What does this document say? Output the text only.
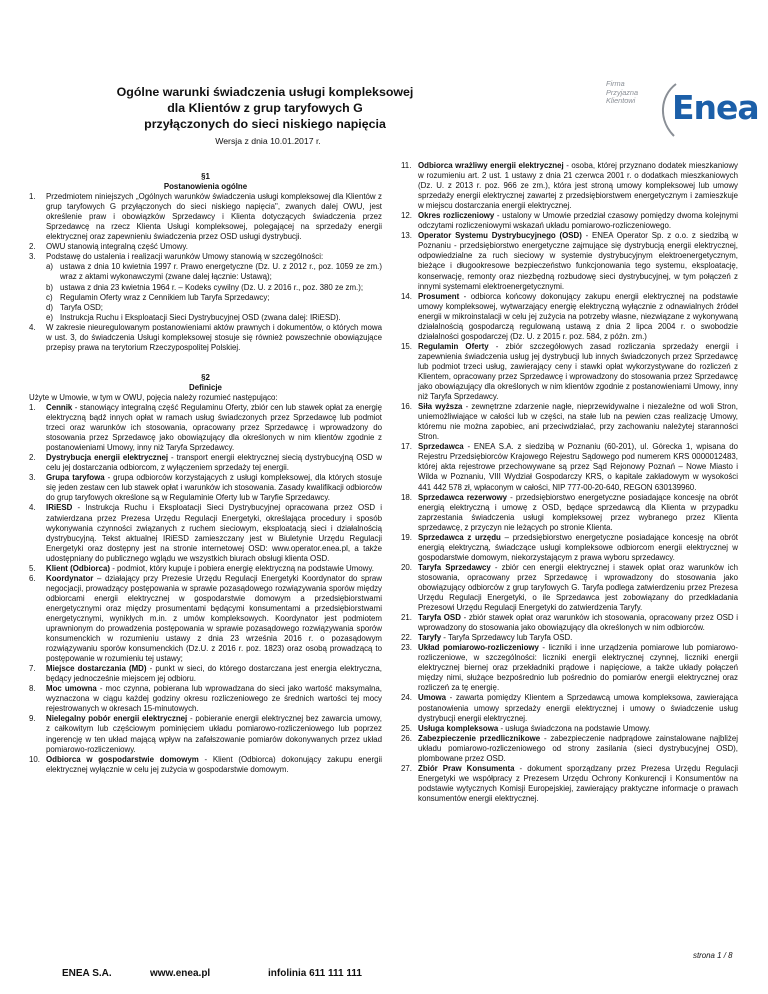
Ogólne warunki świadczenia usługi kompleksowej
dla Klientów z grup taryfowych G
przyłączonych do sieci niskiego napięcia
Firma
Przyjazna
Klientowi	Enea
Wersja z dnia 10.01.2017 r.
§1
Postanowienia ogólne
1.	Przedmiotem niniejszych „Ogólnych warunków świadczenia usługi kompleksowej dla Klientów z grup taryfowych G przyłączonych do sieci niskiego napięcia", zwanych dalej OWU, jest określenie praw i obowiązków Sprzedawcy i Klienta dotyczących świadczenia przez Sprzedawcę na rzecz Klienta Usługi kompleksowej, polegającej na sprzedaży energii elektrycznej oraz zapewnieniu świadczenia przez OSD usługi dystrybucji.
2.	OWU stanowią integralną część Umowy.
3.	Podstawę do ustalenia i realizacji warunków Umowy stanowią w szczególności:
a) ustawa z dnia 10 kwietnia 1997 r. Prawo energetyczne (Dz. U. z 2012 r., poz. 1059 ze zm.) wraz z aktami wykonawczymi (zwane dalej łącznie: Ustawą);
b) ustawa z dnia 23 kwietnia 1964 r. – Kodeks cywilny (Dz. U. z 2016 r., poz. 380 ze zm.);
c) Regulamin Oferty wraz z Cennikiem lub Taryfa Sprzedawcy;
d) Taryfa OSD;
e) Instrukcja Ruchu i Eksploatacji Sieci Dystrybucyjnej OSD (zwana dalej: IRiESD).
4.	W zakresie nieuregulowanym postanowieniami aktów prawnych i dokumentów, o których mowa w ust. 3, do świadczenia Usługi kompleksowej stosuje się również powszechnie obowiązujące przepisy prawa na terytorium Rzeczypospolitej Polskiej.
§2
Definicje

Użyte w Umowie, w tym w OWU, pojęcia należy rozumieć następująco:

1.	Cennik - stanowiący integralną część Regulaminu Oferty, zbiór cen lub stawek opłat za energię elektryczną bądź innych opłat w ramach usług świadczonych przez Sprzedawcę lub podmiot trzeci oraz warunków ich stosowania, opracowany przez Sprzedawcę i wprowadzony do stosowania przez Sprzedawcę jako obowiązujący dla określonych w nim klientów zgodnie z postanowieniami Umowy, inny niż Taryfa Sprzedawcy.
2.	Dystrybucja energii elektrycznej - transport energii elektrycznej siecią dystrybucyjną OSD w celu jej dostarczania odbiorcom, z wyłączeniem sprzedaży tej energii.
3.	Grupa taryfowa - grupa odbiorców korzystających z usługi kompleksowej, dla których stosuje się jeden zestaw cen lub stawek opłat i warunków ich stosowania. Zasady kwalifikacji odbiorców do grup taryfowych określone są w Regulaminie Oferty lub w Taryfie Sprzedawcy.
4.	IRiESD - Instrukcja Ruchu i Eksploatacji Sieci Dystrybucyjnej opracowana przez OSD i zatwierdzana przez Prezesa Urzędu Regulacji Energetyki, określająca procedury i sposób wykonywania czynności związanych z ruchem sieciowym, eksploatacją sieci i działalnością dystrybucyjną. Tekst aktualnej IRiESD zamieszczany jest w Biuletynie Urzędu Regulacji Energetyki oraz dostępny jest na stronie internetowej OSD: www.operator.enea.pl, a także udostępniany do publicznego wglądu we wszystkich biurach obsługi klienta OSD.
5.	Klient (Odbiorca) - podmiot, który kupuje i pobiera energię elektryczną na podstawie Umowy.
6.	Koordynator – działający przy Prezesie Urzędu Regulacji Energetyki Koordynator do spraw negocjacji, prowadzący postępowania w sprawie pozasądowego rozwiązywania sporów między odbiorcami energii elektrycznej w gospodarstwie domowym a przedsiębiorstwami energetycznymi oraz między prosumentami będącymi konsumentami a przedsiębiorstwami energetycznymi, wynikłych m.in. z umów kompleksowych. Koordynator jest podmiotem uprawnionym do prowadzenia postępowania w sprawie pozasądowego rozwiązywania sporów konsumenckich w rozumieniu ustawy z dnia 23 września 2016 r. o pozasądowym rozwiązywaniu sporów konsumenckich (Dz.U. z 2016 r. poz. 1823) oraz osobą prowadzącą to postępowanie w rozumieniu tej ustawy;
7.	Miejsce dostarczania (MD) - punkt w sieci, do którego dostarczana jest energia elektryczna, będący jednocześnie miejscem jej odbioru.
8.	Moc umowna - moc czynna, pobierana lub wprowadzana do sieci jako wartość maksymalna, wyznaczona w ciągu każdej godziny okresu rozliczeniowego ze średnich wartości tej mocy rejestrowanych w okresach 15-minutowych.
9.	Nielegalny pobór energii elektrycznej - pobieranie energii elektrycznej bez zawarcia umowy, z całkowitym lub częściowym pominięciem układu pomiarowo-rozliczeniowego lub poprzez ingerencję w ten układ mającą wpływ na zafałszowanie pomiarów dokonywanych przez układ pomiarowo-rozliczeniowy.
10. Odbiorca w gospodarstwie domowym - Klient (Odbiorca) dokonujący zakupu energii elektrycznej wyłącznie w celu jej zużycia w gospodarstwie domowym.
11. Odbiorca wrażliwy energii elektrycznej - osoba, której przyznano dodatek mieszkaniowy w rozumieniu art. 2 ust. 1 ustawy z dnia 21 czerwca 2001 r. o dodatkach mieszkaniowych (Dz. U. z 2013 r. poz. 966 ze zm.), która jest stroną umowy kompleksowej lub umowy sprzedaży energii elektrycznej zawartej z przedsiębiorstwem energetycznym i zamieszkuje w miejscu dostarczania energii elektrycznej.
12. Okres rozliczeniowy - ustalony w Umowie przedział czasowy pomiędzy dwoma kolejnymi odczytami rozliczeniowymi wskazań układu pomiarowo-rozliczeniowego.
13. Operator Systemu Dystrybucyjnego (OSD) - ENEA Operator Sp. z o.o. z siedzibą w Poznaniu - przedsiębiorstwo energetyczne zajmujące się dystrybucją energii elektrycznej, odpowiedzialne za ruch sieciowy w systemie dystrybucyjnym elektroenergetycznym, bieżące i długookresowe bezpieczeństwo funkcjonowania tego systemu, eksploatację, konserwację, remonty oraz niezbędną rozbudowę sieci dystrybucyjnej, w tym połączeń z innymi systemami elektroenergetycznymi.
14. Prosument - odbiorca końcowy dokonujący zakupu energii elektrycznej na podstawie umowy kompleksowej, wytwarzający energię elektryczną wyłącznie z odnawialnych źródeł energii w mikroinstalacji w celu jej zużycia na potrzeby własne, niezwiązane z wykonywaną działalnością gospodarczą regulowaną ustawą z dnia 2 lipca 2004 r. o swobodzie działalności gospodarczej (Dz. U. z 2015 r. poz. 584, z późn. zm.)
15. Regulamin Oferty - zbiór szczegółowych zasad rozliczania sprzedaży energii i zapewnienia świadczenia usług jej dystrybucji lub innych świadczonych przez Sprzedawcę lub podmiot trzeci usług, zawierający ceny i stawki opłat wykorzystywane do rozliczeń z Klientem, opracowany przez Sprzedawcę i wprowadzony do stosowania przez Sprzedawcę jako obowiązujący dla określonych w nim klientów zgodnie z postanowieniami Umowy, inny niż Taryfa Sprzedawcy.
16. Siła wyższa - zewnętrzne zdarzenie nagłe, nieprzewidywalne i niezależne od woli Stron, uniemożliwiające w całości lub w części, na stałe lub na pewien czas realizację Umowy, któremu nie można zapobiec, ani przeciwdziałać, przy zachowaniu należytej staranności Stron.
17. Sprzedawca - ENEA S.A. z siedzibą w Poznaniu (60-201), ul. Górecka 1, wpisana do Rejestru Przedsiębiorców Krajowego Rejestru Sądowego pod numerem KRS 0000012483, której akta rejestrowe przechowywane są przez Sąd Rejonowy Poznań – Nowe Miasto i Wilda w Poznaniu, VIII Wydział Gospodarczy KRS, o kapitale zakładowym w wysokości 441 442 578 zł, wpłaconym w całości, NIP 777-00-20-640, REGON 630139960.
18. Sprzedawca rezerwowy - przedsiębiorstwo energetyczne posiadające koncesję na obrót energią elektryczną i umowę z OSD, będące sprzedawcą dla Klienta w przypadku zaprzestania świadczenia usługi kompleksowej przez wybranego przez Klienta sprzedawcę, z przyczyn nie leżących po stronie Klienta.
19. Sprzedawca z urzędu – przedsiębiorstwo energetyczne posiadające koncesję na obrót energią elektryczną, świadczące usługi kompleksowe odbiorcom energii elektrycznej w gospodarstwie domowym, niekorzystającym z prawa wyboru sprzedawcy.
20. Taryfa Sprzedawcy - zbiór cen energii elektrycznej i stawek opłat oraz warunków ich stosowania, opracowany przez Sprzedawcę i wprowadzony do stosowania jako obowiązujący odbiorców z grup taryfowych G. Taryfa podlega zatwierdzeniu przez Prezesa Urzędu Regulacji Energetyki, o ile Sprzedawca jest zobowiązany do przedkładania Prezesowi Urzędu Regulacji Energetyki do zatwierdzenia Taryfy.
21. Taryfa OSD - zbiór stawek opłat oraz warunków ich stosowania, opracowany przez OSD i wprowadzony do stosowania jako obowiązujący dla określonych w nim odbiorców.
22. Taryfy - Taryfa Sprzedawcy lub Taryfa OSD.
23. Układ pomiarowo-rozliczeniowy - liczniki i inne urządzenia pomiarowe lub pomiarowo-rozliczeniowe, w szczególności: liczniki energii elektrycznej czynnej, liczniki energii elektrycznej biernej oraz przekładniki prądowe i napięciowe, a także układy połączeń między nimi, służące bezpośrednio lub pośrednio do pomiarów energii elektrycznej oraz rozliczeń za tę energię.
24. Umowa - zawarta pomiędzy Klientem a Sprzedawcą umowa kompleksowa, zawierająca postanowienia umowy sprzedaży energii elektrycznej i umowy o świadczenie usług dystrybucji energii elektrycznej.
25. Usługa kompleksowa - usługa świadczona na podstawie Umowy.
26. Zabezpieczenie przedlicznikowe - zabezpieczenie nadprądowe zainstalowane najbliżej układu pomiarowo-rozliczeniowego od strony zasilania (sieci dystrybucyjnej OSD), plombowane przez OSD.
27. Zbiór Praw Konsumenta - dokument sporządzany przez Prezesa Urzędu Regulacji Energetyki we współpracy z Prezesem Urzędu Ochrony Konkurencji i Konsumentów na podstawie wytycznych Komisji Europejskiej, zawierający praktyczne informacje o prawach konsumentów energii elektrycznej.
strona 1 / 8
ENEA S.A.	www.enea.pl	infolinia 611 111 111
